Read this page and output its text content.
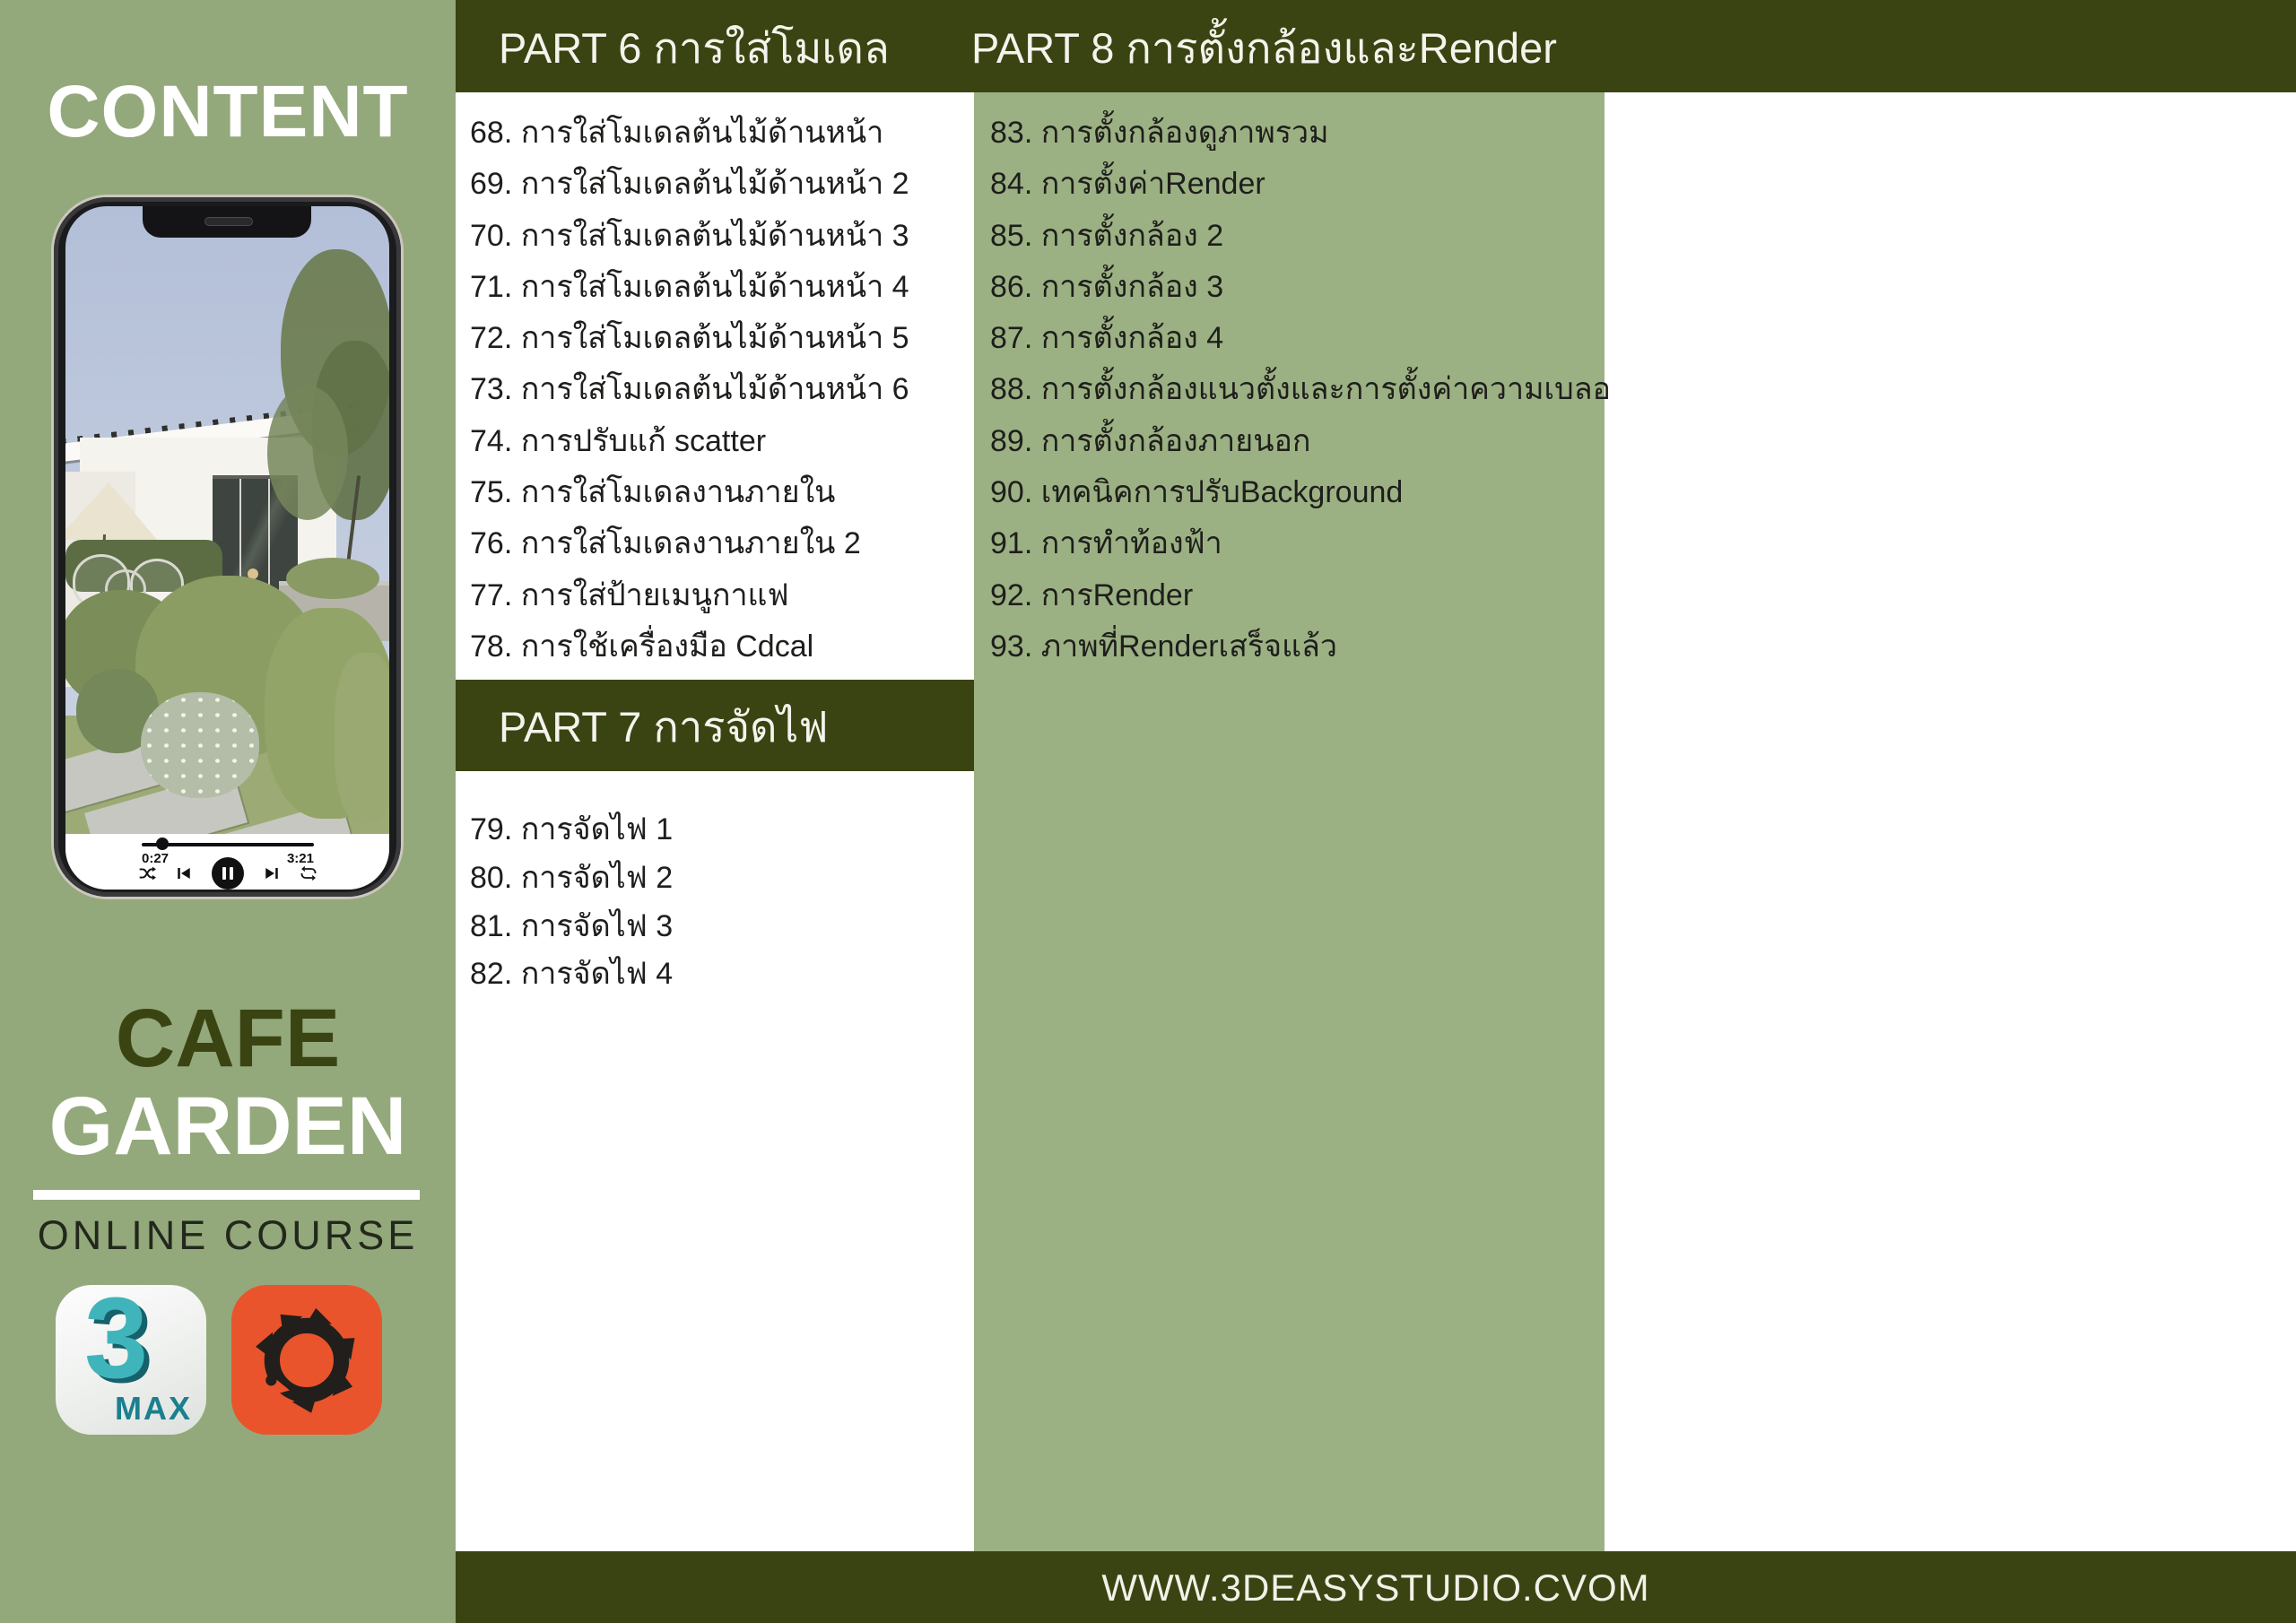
PART 6 การใส่โมเดล PART 8 การตั้งกล้องและRender
PART 7 การจัดไฟ
68. การใส่โมเดลต้นไม้ด้านหน้า
69. การใส่โมเดลต้นไม้ด้านหน้า 2
70. การใส่โมเดลต้นไม้ด้านหน้า 3
71. การใส่โมเดลต้นไม้ด้านหน้า 4
72. การใส่โมเดลต้นไม้ด้านหน้า 5
73. การใส่โมเดลต้นไม้ด้านหน้า 6
74. การปรับแก้ scatter
75. การใส่โมเดลงานภายใน
76. การใส่โมเดลงานภายใน 2
77. การใส่ป้ายเมนูกาแฟ
78. การใช้เครื่องมือ Cdcal
79. การจัดไฟ 1
80. การจัดไฟ 2
81. การจัดไฟ 3
82. การจัดไฟ 4
83. การตั้งกล้องดูภาพรวม
84. การตั้งค่าRender
85. การตั้งกล้อง 2
86. การตั้งกล้อง 3
87. การตั้งกล้อง 4
88. การตั้งกล้องแนวตั้งและการตั้งค่าความเบลอ
89. การตั้งกล้องภายนอก
90. เทคนิคการปรับBackground
91. การทำท้องฟ้า
92. การRender
93. ภาพที่Renderเสร็จแล้ว
CONTENT
0:27	3:21
CAFE
GARDEN
ONLINE COURSE
3
MAX
WWW.3DEASYSTUDIO.CVOM
